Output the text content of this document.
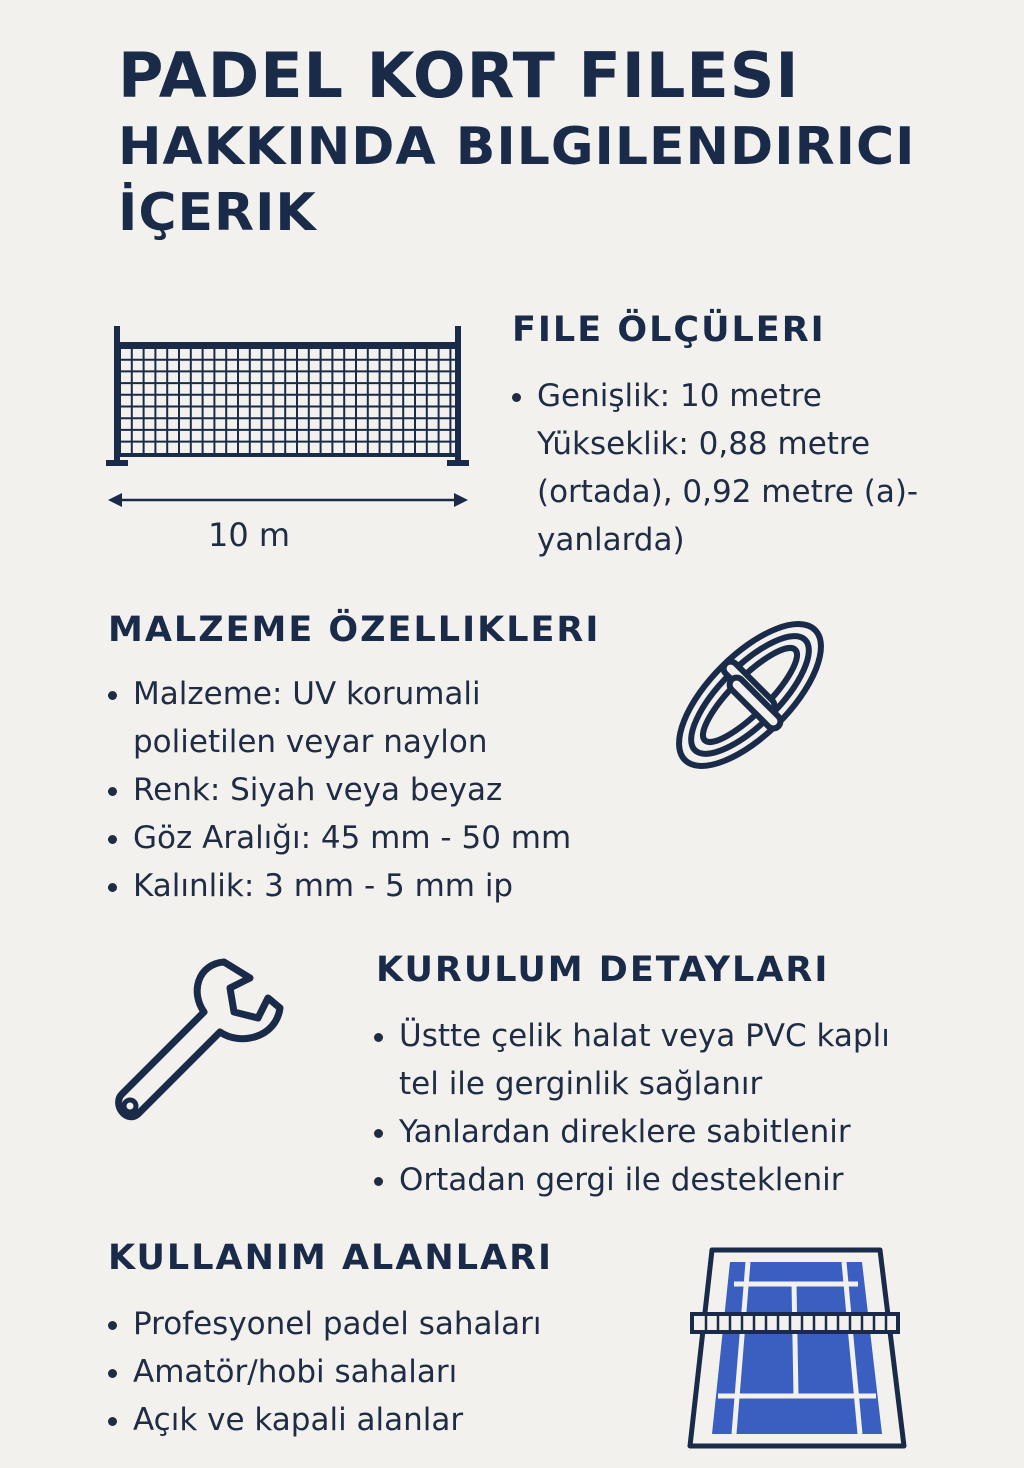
PADEL KORT FILESI
HAKKINDA BILGILENDIRICI
İÇERIK
10 m
FILE ÖLÇÜLERI
Genişlik: 10 metre
Yükseklik: 0,88 metre
(ortada), 0,92 metre (a)-
yanlarda)
MALZEME ÖZELLIKLERI
Malzeme: UV korumali
polietilen veyar naylon
Renk: Siyah veya beyaz
Göz Aralığı: 45 mm - 50 mm
Kalınlik: 3 mm - 5 mm ip
KURULUM DETAYLARI
Üstte çelik halat veya PVC kaplı
tel ile gerginlik sağlanır
Yanlardan direklere sabitlenir
Ortadan gergi ile desteklenir
KULLANIM ALANLARI
Profesyonel padel sahaları
Amatör/hobi sahaları
Açık ve kapali alanlar
